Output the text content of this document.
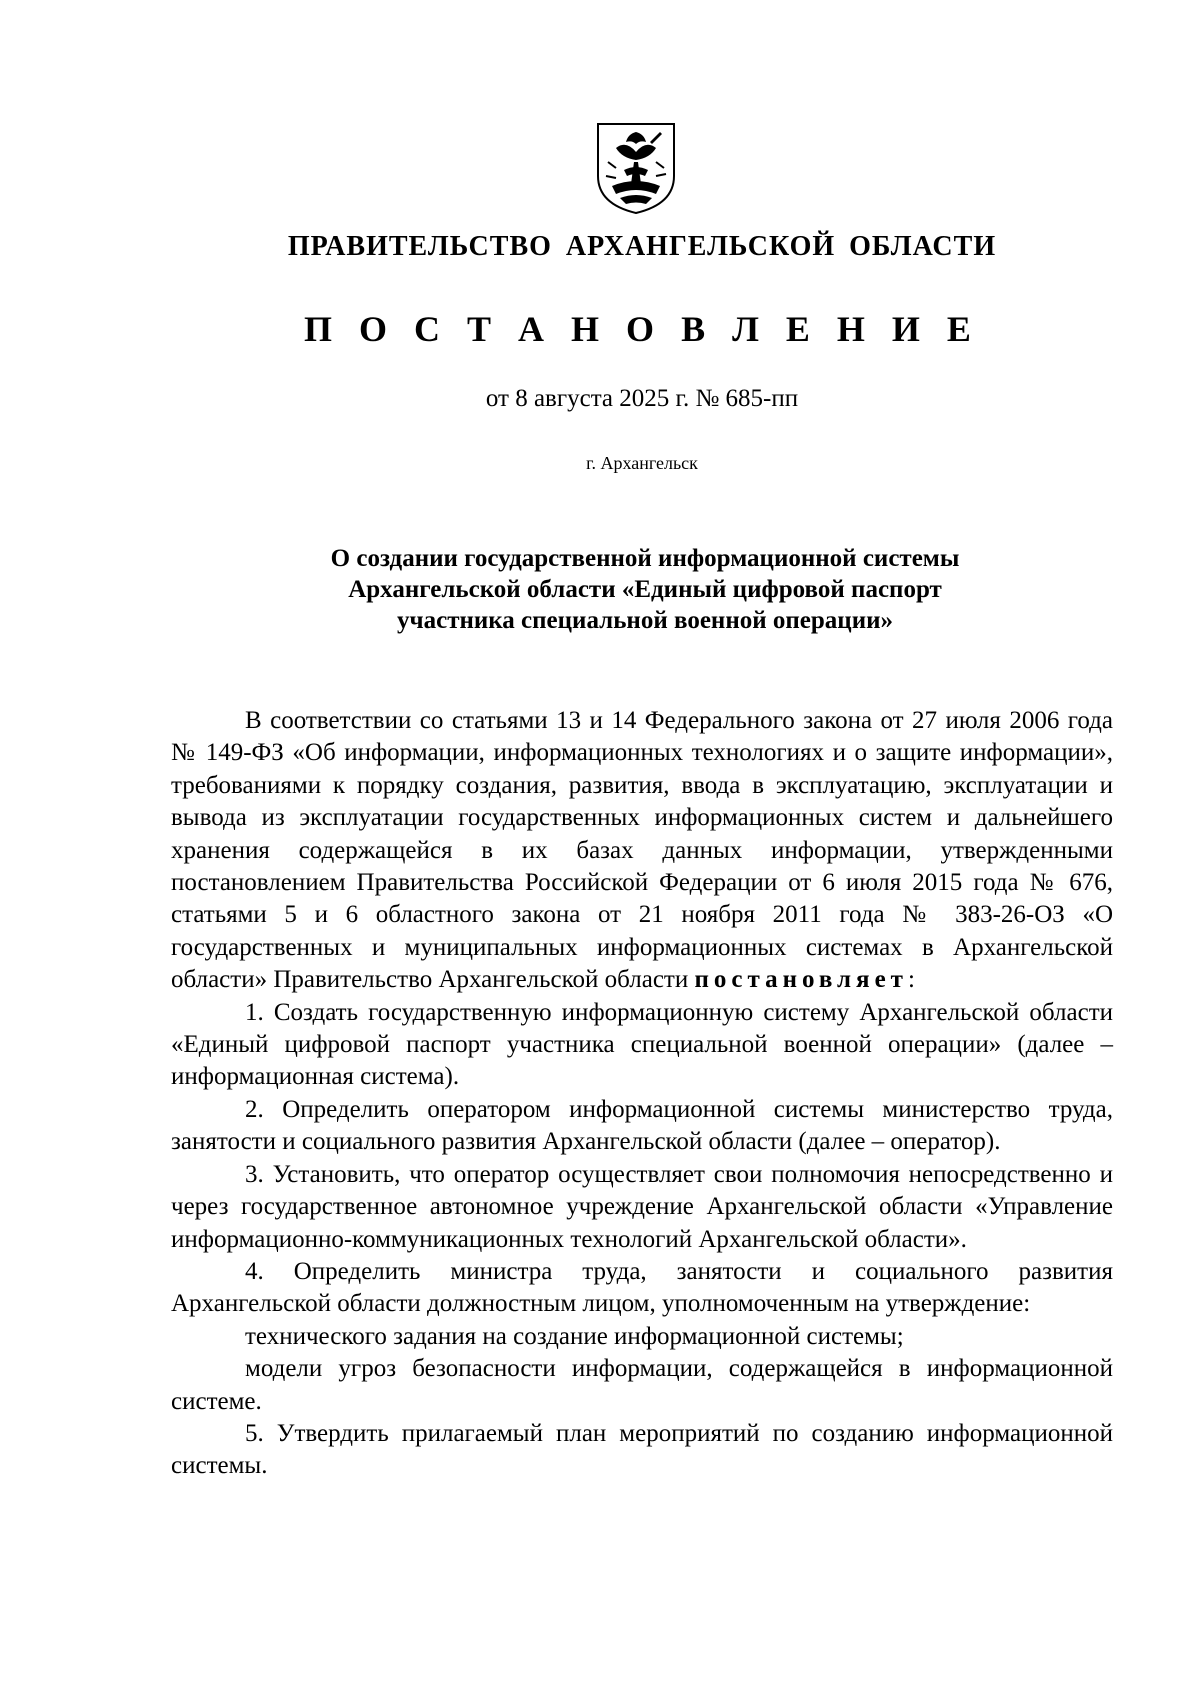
ПРАВИТЕЛЬСТВО АРХАНГЕЛЬСКОЙ ОБЛАСТИ
П О С Т А Н О В Л Е Н И Е
от 8 августа 2025 г. № 685-пп
г. Архангельск
О создании государственной информационной системы
Архангельской области «Единый цифровой паспорт
участника специальной военной операции»

В соответствии со статьями 13 и 14 Федерального закона от 27 июля 2006 года № 149-ФЗ «Об информации, информационных технологиях и о защите информации», требованиями к порядку создания, развития, ввода в эксплуатацию, эксплуатации и вывода из эксплуатации государственных информационных систем и дальнейшего хранения содержащейся в их базах данных информации, утвержденными постановлением Правительства Российской Федерации от 6 июля 2015 года № 676, статьями 5 и 6 областного закона от 21 ноября 2011 года № 383-26-ОЗ «О государственных и муниципальных информационных системах в Архангельской области» Правительство Архангельской области постановляет:

1. Создать государственную информационную систему Архангельской области «Единый цифровой паспорт участника специальной военной операции» (далее – информационная система).

2. Определить оператором информационной системы министерство труда, занятости и социального развития Архангельской области (далее – оператор).

3. Установить, что оператор осуществляет свои полномочия непосредственно и через государственное автономное учреждение Архангельской области «Управление информационно-коммуникационных технологий Архангельской области».

4. Определить министра труда, занятости и социального развития Архангельской области должностным лицом, уполномоченным на утверждение:

технического задания на создание информационной системы;

модели угроз безопасности информации, содержащейся в информационной системе.

5. Утвердить прилагаемый план мероприятий по созданию информационной системы.
